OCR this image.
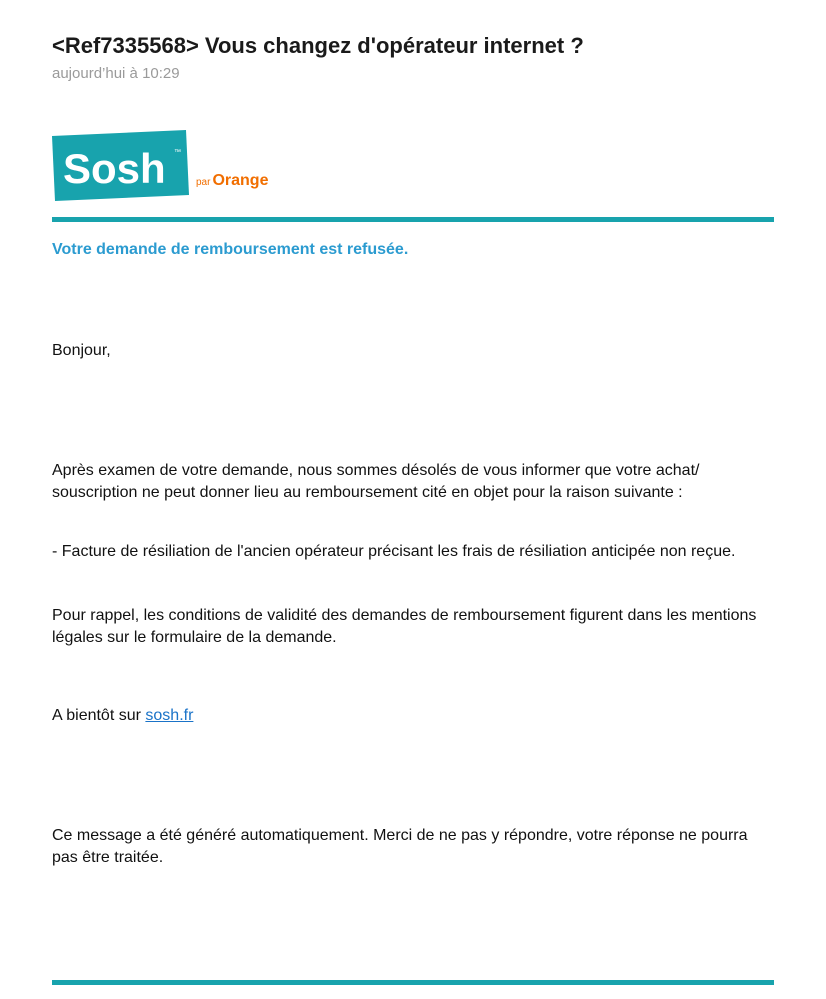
<Ref7335568> Vous changez d'opérateur internet ?
aujourd’hui à 10:29
Sosh ™
par Orange
Votre demande de remboursement est refusée.
Bonjour,
Après examen de votre demande, nous sommes désolés de vous informer que votre achat/ souscription ne peut donner lieu au remboursement cité en objet pour la raison suivante :
- Facture de résiliation de l'ancien opérateur précisant les frais de résiliation anticipée non reçue.
Pour rappel, les conditions de validité des demandes de remboursement figurent dans les mentions légales sur le formulaire de la demande.
A bientôt sur sosh.fr
Ce message a été généré automatiquement. Merci de ne pas y répondre, votre réponse ne pourra pas être traitée.
